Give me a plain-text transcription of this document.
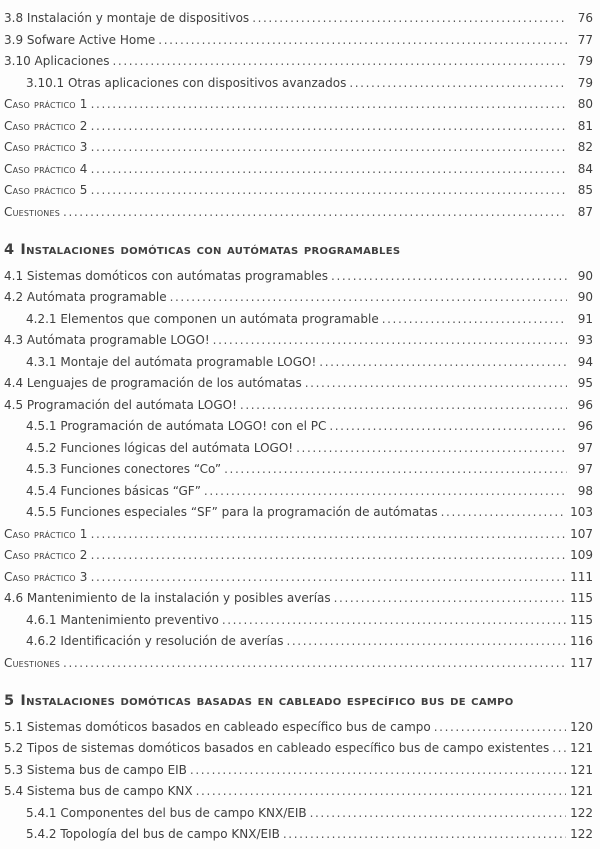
3.8 Instalación y montaje de dispositivos .....	76
3.9 Sofware Active Home .....	77
3.10 Aplicaciones .....	79
3.10.1 Otras aplicaciones con dispositivos avanzados .....	79
Caso práctico 1 .....	80
Caso práctico 2 .....	81
Caso práctico 3 .....	82
Caso práctico 4 .....	84
Caso práctico 5 .....	85
Cuestiones .....	87
4 Instalaciones domóticas con autómatas programables
4.1 Sistemas domóticos con autómatas programables .....	90
4.2 Autómata programable .....	90
4.2.1 Elementos que componen un autómata programable .....	91
4.3 Autómata programable LOGO! .....	93
4.3.1 Montaje del autómata programable LOGO! .....	94
4.4 Lenguajes de programación de los autómatas .....	95
4.5 Programación del autómata LOGO! .....	96
4.5.1 Programación de autómata LOGO! con el PC .....	96
4.5.2 Funciones lógicas del autómata LOGO! .....	97
4.5.3 Funciones conectores “Co” .....	97
4.5.4 Funciones básicas “GF” .....	98
4.5.5 Funciones especiales “SF” para la programación de autómatas .....	103
Caso práctico 1 .....	107
Caso práctico 2 .....	109
Caso práctico 3 .....	111
4.6 Mantenimiento de la instalación y posibles averías .....	115
4.6.1 Mantenimiento preventivo .....	115
4.6.2 Identificación y resolución de averías .....	116
Cuestiones .....	117
5 Instalaciones domóticas basadas en cableado específico bus de campo
5.1 Sistemas domóticos basados en cableado específico bus de campo .....	120
5.2 Tipos de sistemas domóticos basados en cableado específico bus de campo existentes .....	121
5.3 Sistema bus de campo EIB .....	121
5.4 Sistema bus de campo KNX .....	121
5.4.1 Componentes del bus de campo KNX/EIB .....	122
5.4.2 Topología del bus de campo KNX/EIB .....	122
